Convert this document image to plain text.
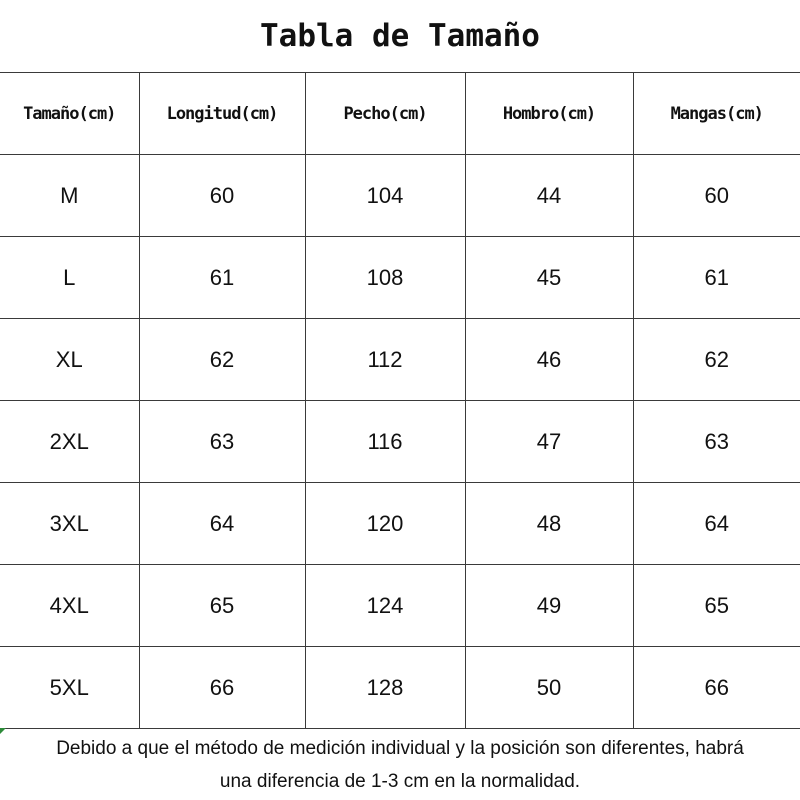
Tabla de Tamaño
Tamaño(cm)	Longitud(cm)	Pecho(cm)	Hombro(cm)	Mangas(cm)
M	60	104	44	60
L	61	108	45	61
XL	62	112	46	62
2XL	63	116	47	63
3XL	64	120	48	64
4XL	65	124	49	65
5XL	66	128	50	66
Debido a que el método de medición individual y la posición son diferentes, habrá
una diferencia de 1-3 cm en la normalidad.
